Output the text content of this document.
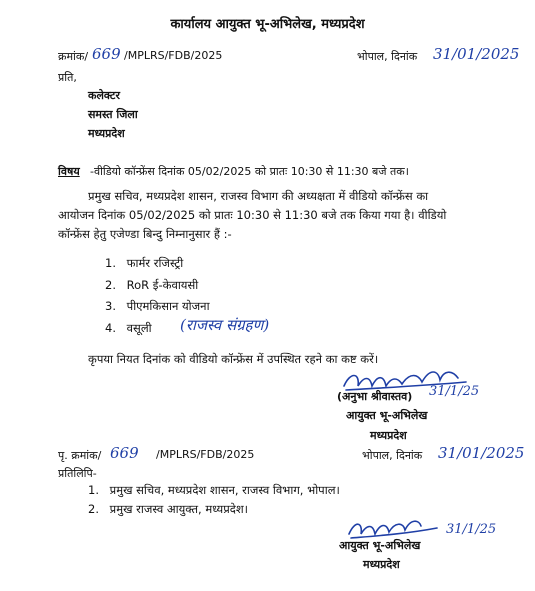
कार्यालय आयुक्त भू-अभिलेख, मध्यप्रदेश
क्रमांक/ 669 /MPLRS/FDB/2025	भोपाल, दिनांक 31/01/2025
प्रति,
कलेक्टर
समस्त जिला
मध्यप्रदेश
विषय -वीडियो कॉन्फ्रेंस दिनांक 05/02/2025 को प्रातः 10:30 से 11:30 बजे तक।
प्रमुख सचिव, मध्यप्रदेश शासन, राजस्व विभाग की अध्यक्षता में वीडियो कॉन्फ्रेंस का
आयोजन दिनांक 05/02/2025 को प्रातः 10:30 से 11:30 बजे तक किया गया है। वीडियो
कॉन्फ्रेंस हेतु एजेण्डा बिन्दु निम्नानुसार हैं :-
1. फार्मर रजिस्ट्री
2. RoR ई-केवायसी
3. पीएमकिसान योजना
4. वसूली (राजस्व संग्रहण)
कृपया नियत दिनांक को वीडियो कॉन्फ्रेंस में उपस्थित रहने का कष्ट करें।
(अनुभा श्रीवास्तव) 31/1/25
आयुक्त भू-अभिलेख
मध्यप्रदेश
पृ. क्रमांक/ 669 /MPLRS/FDB/2025	भोपाल, दिनांक 31/01/2025
प्रतिलिपि-
1. प्रमुख सचिव, मध्यप्रदेश शासन, राजस्व विभाग, भोपाल।
2. प्रमुख राजस्व आयुक्त, मध्यप्रदेश।
31/1/25
आयुक्त भू-अभिलेख
मध्यप्रदेश
